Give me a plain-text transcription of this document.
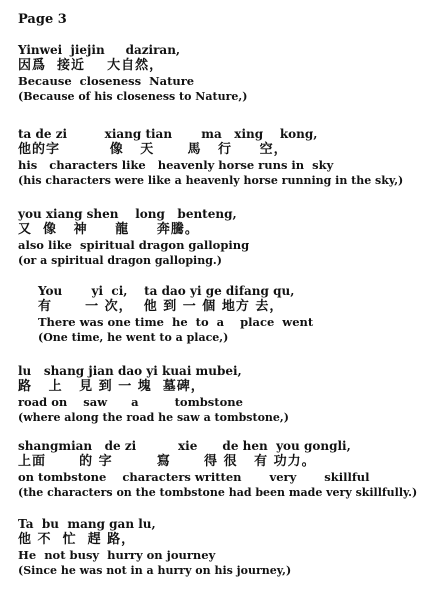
Page 3
Yinwei  jiejin     daziran,
因爲  接近    大自然，
Because  closeness  Nature
(Because of his closeness to Nature,)
ta de zi         xiang tian       ma   xing    kong,
他的字         像   天      馬   行     空，
his   characters like   heavenly horse runs in  sky
(his characters were like a heavenly horse running in the sky,)
you xiang shen    long   benteng,
又  像   神     龍     奔騰。
also like  spiritual dragon galloping
(or a spiritual dragon galloping.)
You       yi  ci,    ta dao yi ge difang qu,
有      一 次，  他 到 一 個 地方 去，
There was one time  he  to  a    place  went
(One time, he went to a place,)
lu   shang jian dao yi kuai mubei,
路   上   見 到 一 塊  墓碑，
road on    saw      a         tombstone
(where along the road he saw a tombstone,)
shangmian   de zi          xie      de hen  you gongli,
上面      的 字        寫      得 很   有 功力。
on tombstone    characters written       very       skillful
(the characters on the tombstone had been made very skillfully.)
Ta  bu  mang gan lu,
他 不  忙  趕 路，
He  not busy  hurry on journey
(Since he was not in a hurry on his journey,)
